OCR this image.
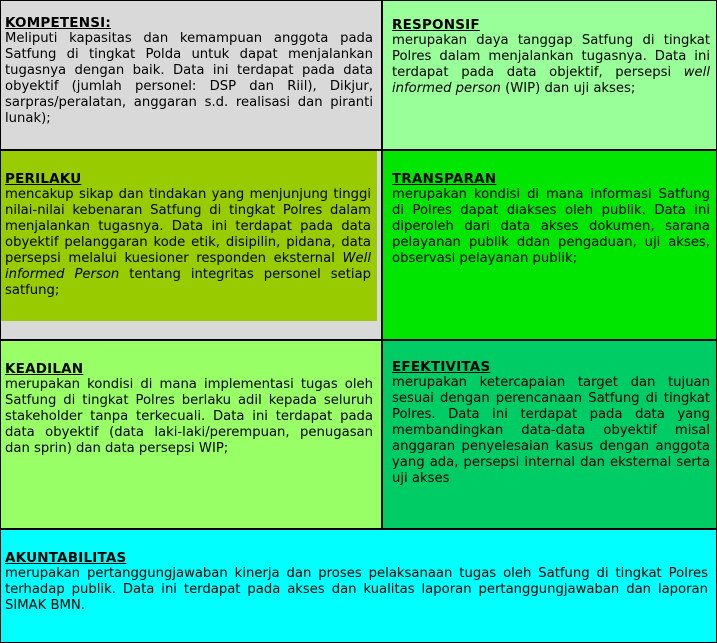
KOMPETENSI:

Meliputi kapasitas dan kemampuan anggota pada Satfung di tingkat Polda untuk dapat menjalankan tugasnya dengan baik. Data ini terdapat pada data obyektif (jumlah personel: DSP dan Riil), Dikjur, sarpras/peralatan, anggaran s.d. realisasi dan piranti lunak);

RESPONSIF

merupakan daya tanggap Satfung di tingkat Polres dalam menjalankan tugasnya. Data ini terdapat pada data objektif, persepsi well informed person (WIP) dan uji akses;

PERILAKU

mencakup sikap dan tindakan yang menjunjung tinggi nilai-nilai kebenaran Satfung di tingkat Polres dalam menjalankan tugasnya. Data ini terdapat pada data obyektif pelanggaran kode etik, disipilin, pidana, data persepsi melalui kuesioner responden eksternal Well informed Person tentang integritas personel setiap satfung;

TRANSPARAN

merupakan kondisi di mana informasi Satfung di Polres dapat diakses oleh publik. Data ini diperoleh dari data akses dokumen, sarana pelayanan publik ddan pengaduan, uji akses, observasi pelayanan publik;

KEADILAN

merupakan kondisi di mana implementasi tugas oleh Satfung di tingkat Polres berlaku adil kepada seluruh stakeholder tanpa terkecuali. Data ini terdapat pada data obyektif (data laki-laki/perempuan, penugasan dan sprin) dan data persepsi WIP;

EFEKTIVITAS

merupakan ketercapaian target dan tujuan sesuai dengan perencanaan Satfung di tingkat Polres. Data ini terdapat pada data yang membandingkan data-data obyektif misal anggaran penyelesaian kasus dengan anggota yang ada, persepsi internal dan eksternal serta uji akses

AKUNTABILITAS

merupakan pertanggungjawaban kinerja dan proses pelaksanaan tugas oleh Satfung di tingkat Polres terhadap publik. Data ini terdapat pada akses dan kualitas laporan pertanggungjawaban dan laporan SIMAK BMN.
